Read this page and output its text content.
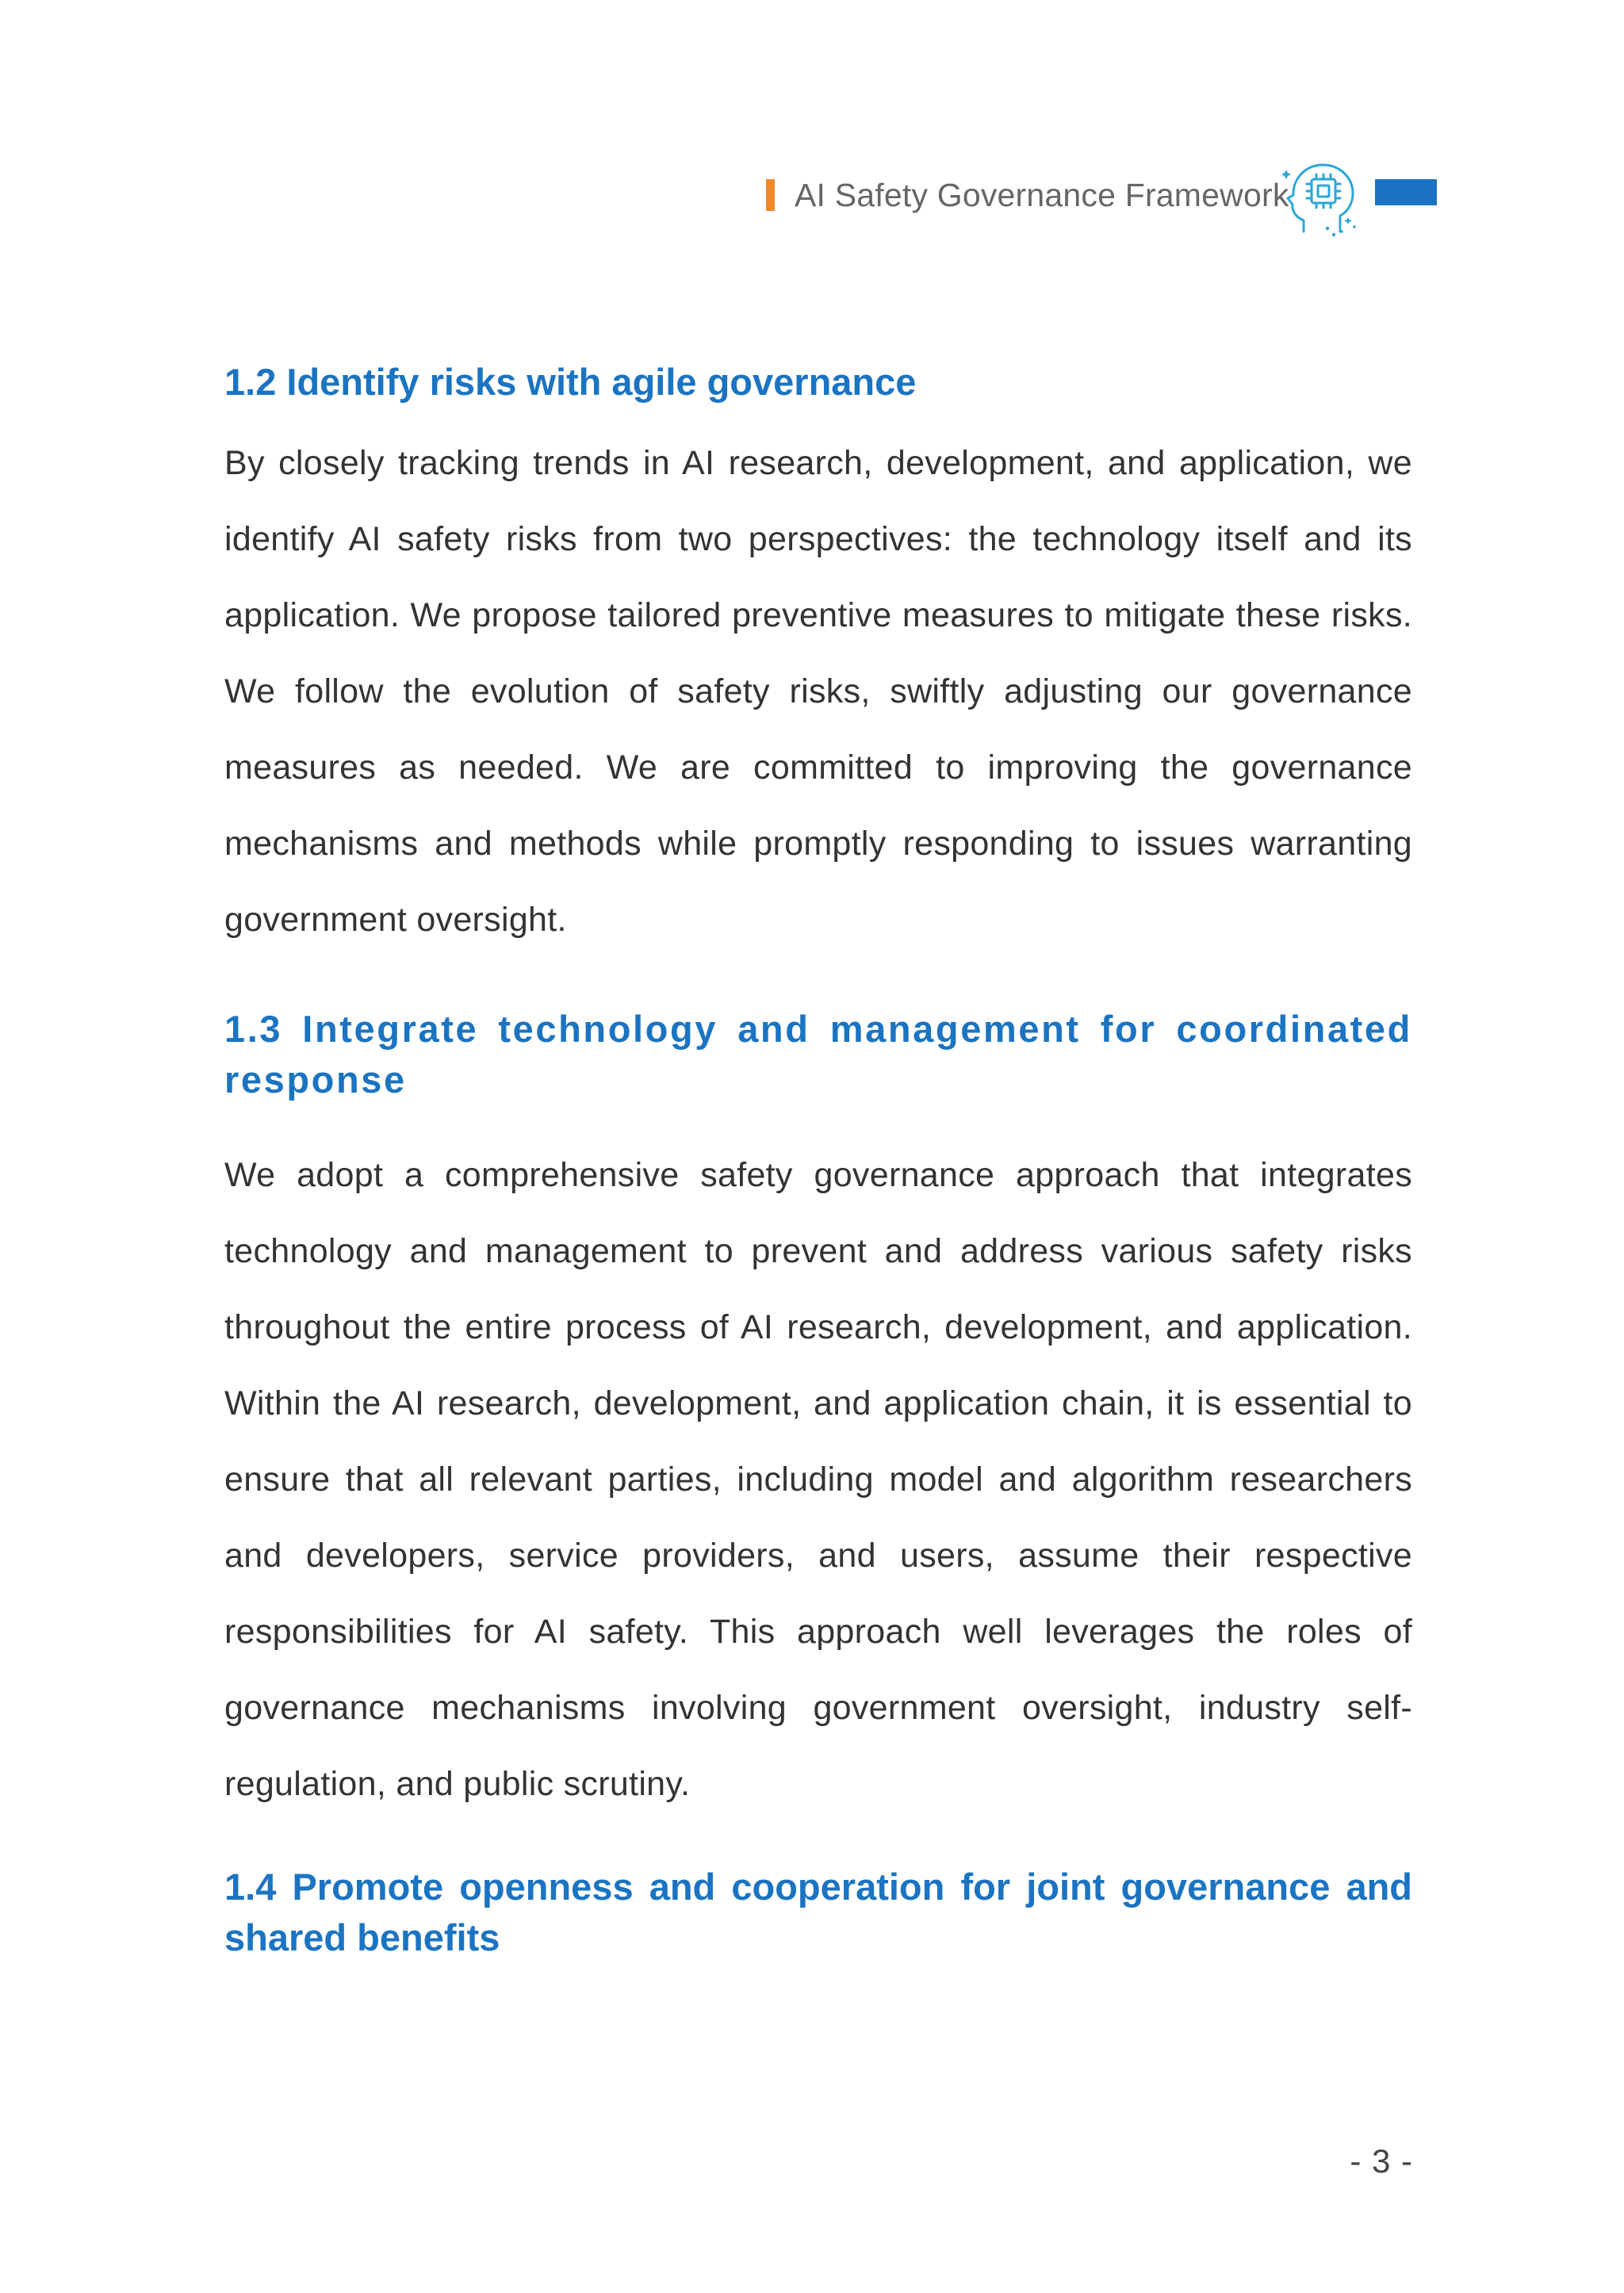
AI Safety Governance Framework
1.2 Identify risks with agile governance

By closely tracking trends in AI research, development, and application, we identify AI safety risks from two perspectives: the technology itself and its application. We propose tailored preventive measures to mitigate these risks. We follow the evolution of safety risks, swiftly adjusting our governance measures as needed. We are committed to improving the governance mechanisms and methods while promptly responding to issues warranting government oversight.

1.3 Integrate technology and management for coordinated response

We adopt a comprehensive safety governance approach that integrates technology and management to prevent and address various safety risks throughout the entire process of AI research, development, and application. Within the AI research, development, and application chain, it is essential to ensure that all relevant parties, including model and algorithm researchers and developers, service providers, and users, assume their respective responsibilities for AI safety. This approach well leverages the roles of governance mechanisms involving government oversight, industry self-regulation, and public scrutiny.

1.4 Promote openness and cooperation for joint governance and shared benefits
- 3 -
